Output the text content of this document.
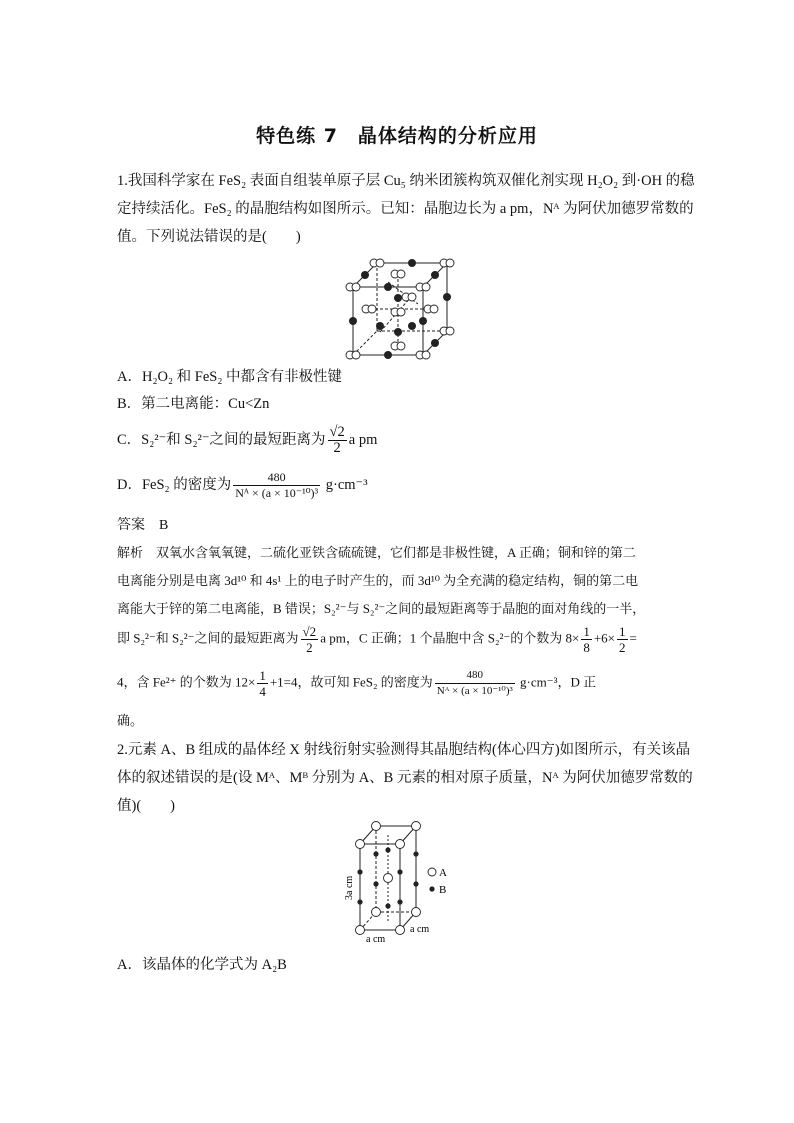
特色练 7　晶体结构的分析应用
1.我国科学家在 FeS₂ 表面自组装单原子层 Cu₅ 纳米团簇构筑双催化剂实现 H₂O₂ 到·OH 的稳
定持续活化。FeS₂ 的晶胞结构如图所示。已知：晶胞边长为 a pm，Nᴬ 为阿伏加德罗常数的
值。下列说法错误的是(　　)
A．H₂O₂ 和 FeS₂ 中都含有非极性键
B．第二电离能：Cu<Zn
C．S₂²⁻和 S₂²⁻之间的最短距离为 $\frac{√2}{2}$ a pm
D．FeS₂ 的密度为 $\frac{480}{\text{Nᴬ × (a × 10⁻¹⁰)³}} g\cdot cm^{-3}$
答案　B
解析　双氧水含氧氧键，二硫化亚铁含硫硫键，它们都是非极性键，A 正确；铜和锌的第二
电离能分别是电离 3d¹⁰ 和 4s¹ 上的电子时产生的，而 3d¹⁰ 为全充满的稳定结构，铜的第二电
离能大于锌的第二电离能，B 错误；S₂²⁻与 S₂²⁻之间的最短距离等于晶胞的面对角线的一半，
即 S₂²⁻和 S₂²⁻之间的最短距离为 $\frac{√2}{2}$ a pm，C 正确；1 个晶胞中含 S₂²⁻的个数为 $8\times \frac{1}{8} +6\times \frac{1}{2}$ =
4，含 Fe²⁺ 的个数为 $12\times \frac{1}{4} +1=4$，故可知 FeS₂ 的密度为 $\frac{480}{\text{Nᴬ × (a × 10⁻¹⁰)³}} g\cdot cm^{-3}$，D 正
确。
2.元素 A、B 组成的晶体经 X 射线衍射实验测得其晶胞结构(体心四方)如图所示，有关该晶
体的叙述错误的是(设 Mᴬ、Mᴮ 分别为 A、B 元素的相对原子质量，Nᴬ 为阿伏加德罗常数的
值)(　　)
A
B
3a cm
a cm
a cm
A．该晶体的化学式为 A₂B
